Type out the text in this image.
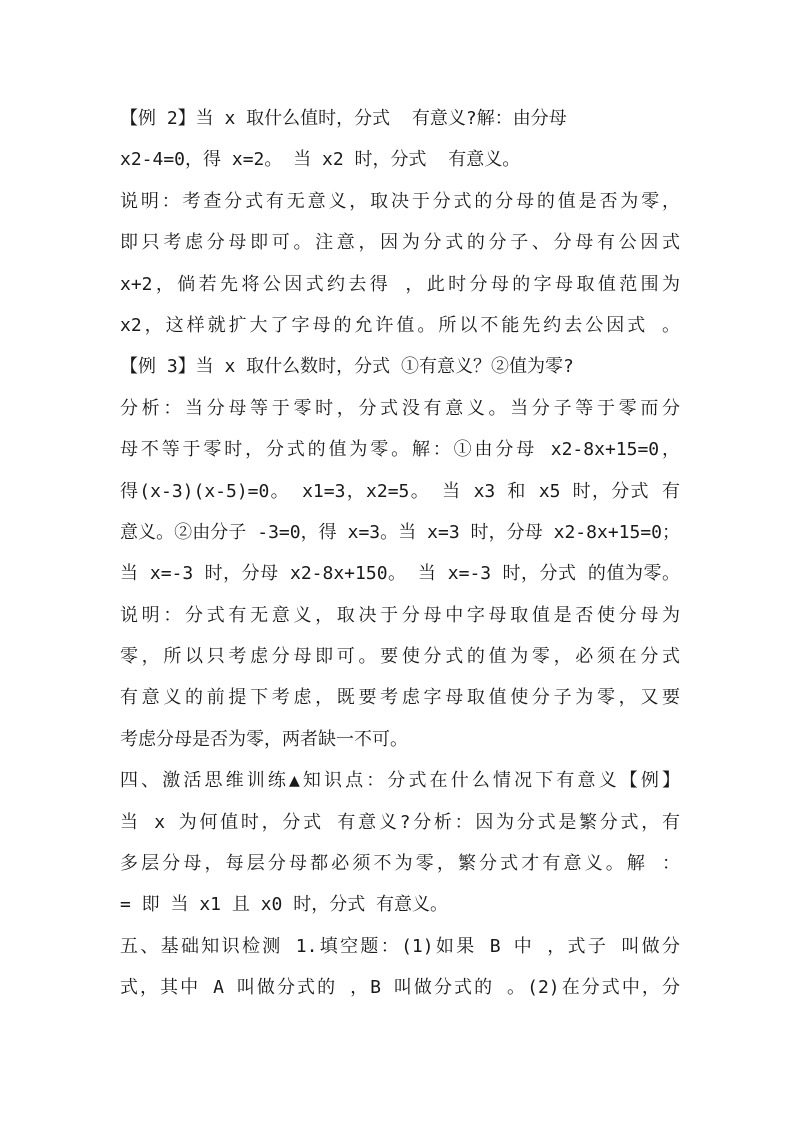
【例 2】当 x 取什么值时，分式  有意义?解：由分母
x2-4=0，得 x=2。 当 x2 时，分式  有意义。
说明：考查分式有无意义，取决于分式的分母的值是否为零，
即只考虑分母即可。注意，因为分式的分子、分母有公因式
x+2，倘若先将公因式约去得 ，此时分母的字母取值范围为
x2，这样就扩大了字母的允许值。所以不能先约去公因式 。
【例 3】当 x 取什么数时，分式 ①有意义？②值为零?
分析：当分母等于零时，分式没有意义。当分子等于零而分
母不等于零时，分式的值为零。解：①由分母 x2-8x+15=0，
得(x-3)(x-5)=0。 x1=3，x2=5。 当 x3 和 x5 时，分式 有
意义。②由分子 -3=0，得 x=3。当 x=3 时，分母 x2-8x+15=0；
当 x=-3 时，分母 x2-8x+150。 当 x=-3 时，分式 的值为零。
说明：分式有无意义，取决于分母中字母取值是否使分母为
零，所以只考虑分母即可。要使分式的值为零，必须在分式
有意义的前提下考虑，既要考虑字母取值使分子为零，又要
考虑分母是否为零，两者缺一不可。
四、激活思维训练▲知识点：分式在什么情况下有意义【例】
当 x 为何值时，分式 有意义?分析：因为分式是繁分式，有
多层分母，每层分母都必须不为零，繁分式才有意义。解 ：
= 即 当 x1 且 x0 时，分式 有意义。
五、基础知识检测 1.填空题：(1)如果 B 中 ，式子 叫做分
式，其中 A 叫做分式的 ，B 叫做分式的 。(2)在分式中，分
